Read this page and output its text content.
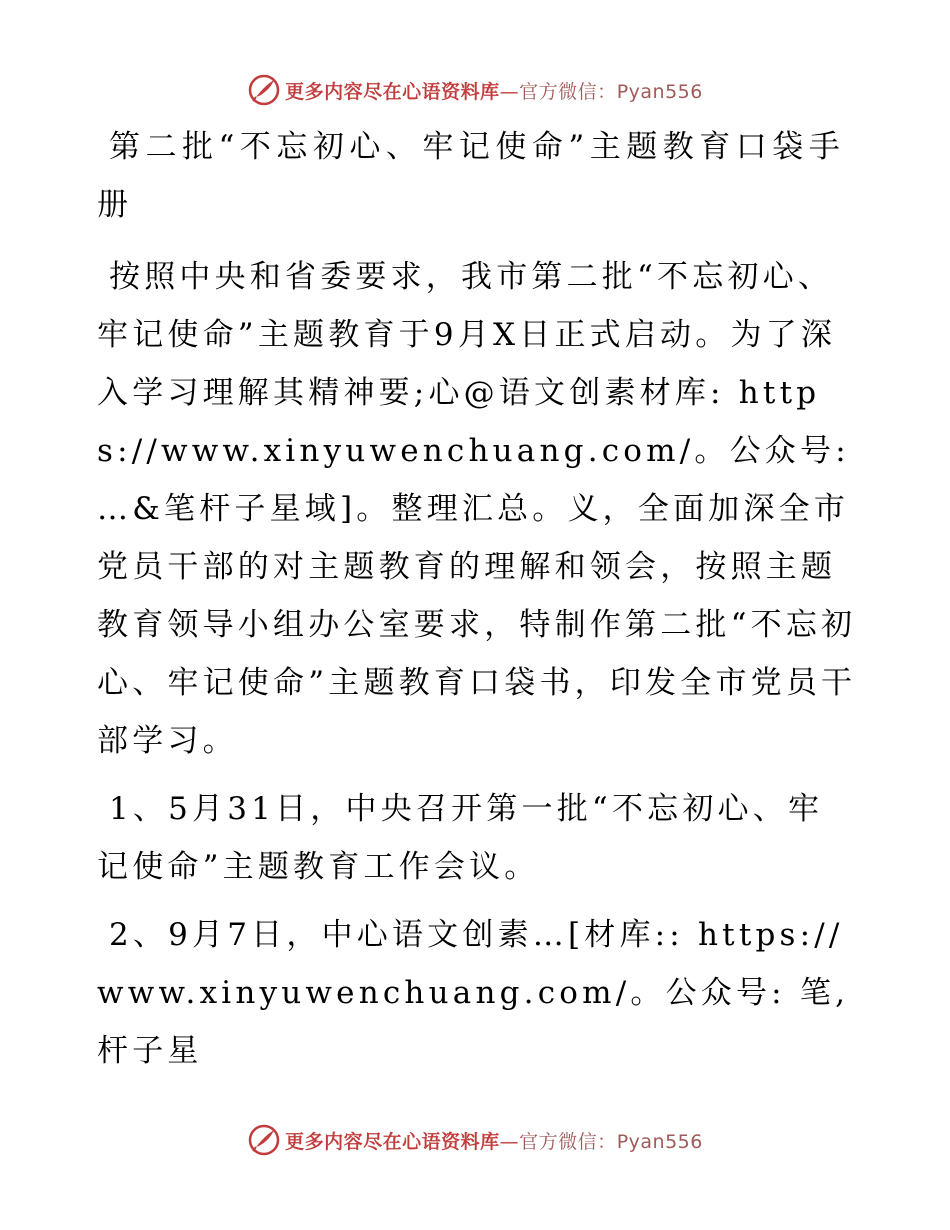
更多内容尽在心语资料库—官方微信：Pyan556

第二批“不忘初心、牢记使命”主题教育口袋手册

按照中央和省委要求，我市第二批“不忘初心、牢记使命”主题教育于9月X日正式启动。为了深入学习理解其精神要;心@语文创素材库: https://www.xinyuwenchuang.com/。公众号: …&笔杆子星域]。整理汇总。义，全面加深全市党员干部的对主题教育的理解和领会，按照主题教育领导小组办公室要求，特制作第二批“不忘初心、牢记使命”主题教育口袋书，印发全市党员干部学习。

1、5月31日，中央召开第一批“不忘初心、牢记使命”主题教育工作会议。

2、9月7日，中心语文创素…[材库:: https://www.xinyuwenchuang.com/。公众号: 笔,杆子星

更多内容尽在心语资料库—官方微信：Pyan556
